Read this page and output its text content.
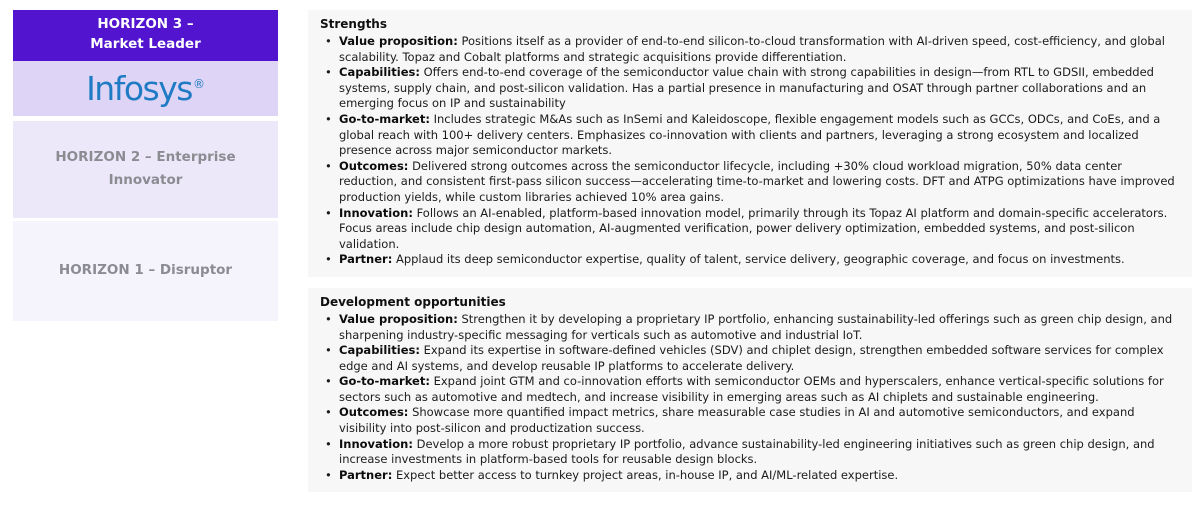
HORIZON 3 –
Market Leader
Infosys®
HORIZON 2 – Enterprise Innovator
HORIZON 1 – Disruptor

Strengths

• Value proposition: Positions itself as a provider of end-to-end silicon-to-cloud transformation with AI-driven speed, cost-efficiency, and global scalability. Topaz and Cobalt platforms and strategic acquisitions provide differentiation.
• Capabilities: Offers end-to-end coverage of the semiconductor value chain with strong capabilities in design—from RTL to GDSII, embedded systems, supply chain, and post-silicon validation. Has a partial presence in manufacturing and OSAT through partner collaborations and an emerging focus on IP and sustainability
• Go-to-market: Includes strategic M&As such as InSemi and Kaleidoscope, flexible engagement models such as GCCs, ODCs, and CoEs, and a global reach with 100+ delivery centers. Emphasizes co-innovation with clients and partners, leveraging a strong ecosystem and localized presence across major semiconductor markets.
• Outcomes: Delivered strong outcomes across the semiconductor lifecycle, including +30% cloud workload migration, 50% data center reduction, and consistent first-pass silicon success—accelerating time-to-market and lowering costs. DFT and ATPG optimizations have improved production yields, while custom libraries achieved 10% area gains.
• Innovation: Follows an AI-enabled, platform-based innovation model, primarily through its Topaz AI platform and domain-specific accelerators. Focus areas include chip design automation, AI-augmented verification, power delivery optimization, embedded systems, and post-silicon validation.
• Partner: Applaud its deep semiconductor expertise, quality of talent, service delivery, geographic coverage, and focus on investments.

Development opportunities

• Value proposition: Strengthen it by developing a proprietary IP portfolio, enhancing sustainability-led offerings such as green chip design, and sharpening industry-specific messaging for verticals such as automotive and industrial IoT.
• Capabilities: Expand its expertise in software-defined vehicles (SDV) and chiplet design, strengthen embedded software services for complex edge and AI systems, and develop reusable IP platforms to accelerate delivery.
• Go-to-market: Expand joint GTM and co-innovation efforts with semiconductor OEMs and hyperscalers, enhance vertical-specific solutions for sectors such as automotive and medtech, and increase visibility in emerging areas such as AI chiplets and sustainable engineering.
• Outcomes: Showcase more quantified impact metrics, share measurable case studies in AI and automotive semiconductors, and expand visibility into post-silicon and productization success.
• Innovation: Develop a more robust proprietary IP portfolio, advance sustainability-led engineering initiatives such as green chip design, and increase investments in platform-based tools for reusable design blocks.
• Partner: Expect better access to turnkey project areas, in-house IP, and AI/ML-related expertise.
